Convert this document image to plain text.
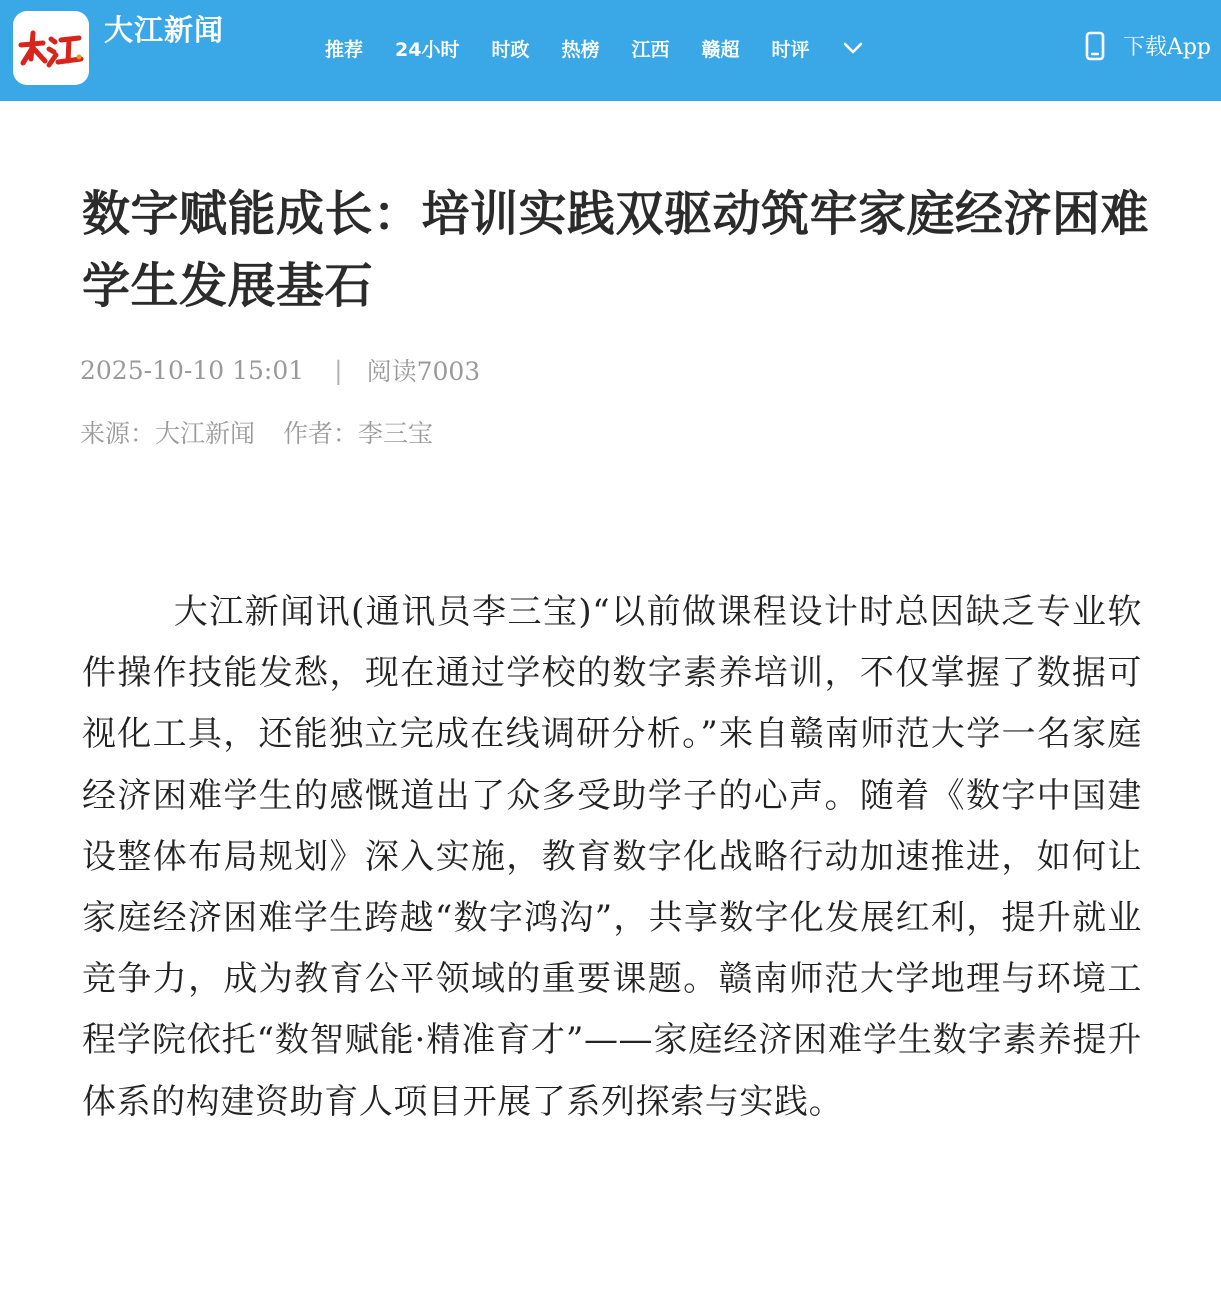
大江新闻
推荐 24小时 时政 热榜 江西 赣超 时评	下载App
数字赋能成长：培训实践双驱动筑牢家庭经济困难学生发展基石
2025-10-10 15:01 | 阅读7003
来源：大江新闻 作者：李三宝

大江新闻讯(通讯员李三宝)“以前做课程设计时总因缺乏专业软件操作技能发愁，现在通过学校的数字素养培训，不仅掌握了数据可视化工具，还能独立完成在线调研分析。”来自赣南师范大学一名家庭经济困难学生的感慨道出了众多受助学子的心声。随着《数字中国建设整体布局规划》深入实施，教育数字化战略行动加速推进，如何让家庭经济困难学生跨越“数字鸿沟”，共享数字化发展红利，提升就业竞争力，成为教育公平领域的重要课题。赣南师范大学地理与环境工程学院依托“数智赋能·精准育才”——家庭经济困难学生数字素养提升体系的构建资助育人项目开展了系列探索与实践。
